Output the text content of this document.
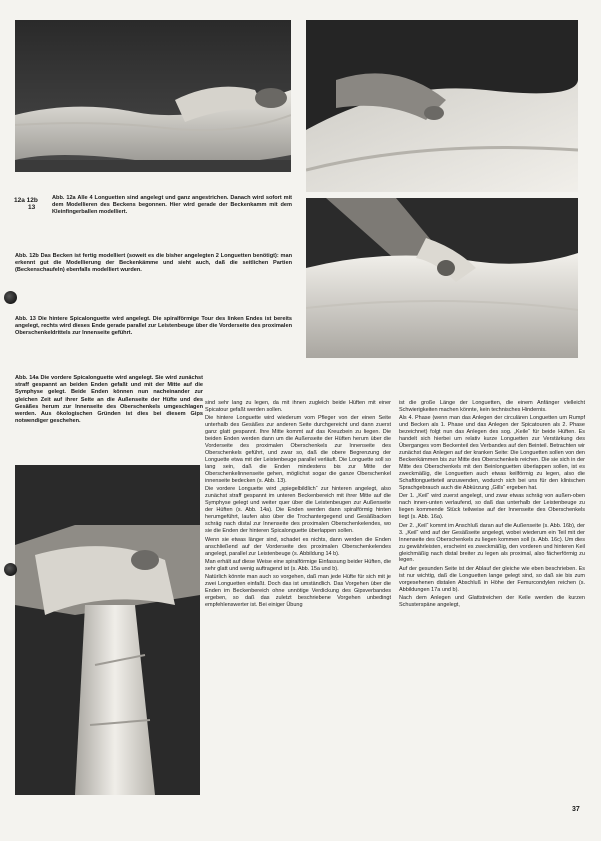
12a 12b
13
Abb. 12a Alle 4 Longuetten sind angelegt und ganz angestrichen. Danach wird sofort mit dem Modellieren des Beckens begonnen. Hier wird gerade der Beckenkamm mit dem Kleinfingerballen modelliert.
Abb. 12b Das Becken ist fertig modelliert (soweit es die bisher angelegten 2 Longuetten benötigt): man erkennt gut die Modellierung der Beckenkämme und sieht auch, daß die seitlichen Partien (Beckenschaufeln) ebenfalls modelliert wurden.
Abb. 13 Die hintere Spicalonguette wird angelegt. Die spiralförmige Tour des linken Endes ist bereits angelegt, rechts wird dieses Ende gerade parallel zur Leistenbeuge über die Vorderseite des proximalen Oberschenkeldrittels zur Innenseite geführt.
Abb. 14a Die vordere Spicalonguette wird angelegt. Sie wird zunächst straff gespannt an beiden Enden gefaßt und mit der Mitte auf die Symphyse gelegt. Beide Enden können nun nacheinander zur gleichen Zeit auf ihrer Seite an die Außenseite der Hüfte und des Gesäßes herum zur Innenseite des Oberschenkels umgeschlagen werden. Aus ökologischen Gründen ist dies bei diesem Gips notwendiger geschehen.

sind sehr lang zu legen, da mit ihnen zugleich beide Hüften mit einer Spicatour gefaßt werden sollen.

Die hintere Longuette wird wiederum vom Pfleger von der einen Seite unterhalb des Gesäßes zur anderen Seite durchgereicht und dann zuerst ganz glatt gespannt. Ihre Mitte kommt auf das Kreuzbein zu liegen. Die beiden Enden werden dann um die Außenseite der Hüften herum über die Vorderseite des proximalen Oberschenkels zur Innenseite des Oberschenkels geführt, und zwar so, daß die obere Begrenzung der Longuette etwa mit der Leistenbeuge parallel verläuft. Die Longuette soll so lang sein, daß die Enden mindestens bis zur Mitte der Oberschenkelinnenseite gehen, möglichst sogar die ganze Oberschenkel innenseite bedecken (s. Abb. 13).

Die vordere Longuette wird „spiegelbildlich“ zur hinteren angelegt, also zunächst straff gespannt im unteren Beckenbereich mit ihrer Mitte auf die Symphyse gelegt und weiter quer über die Leistenbeugen zur Außenseite der Hüften (s. Abb. 14a). Die Enden werden dann spiralförmig hinten herumgeführt, laufen also über die Trochantergegend und Gesäßbacken schräg nach distal zur Innenseite des proximalen Oberschenkelendes, wo sie die Enden der hinteren Spicalonguette überlappen sollen.

Wenn sie etwas länger sind, schadet es nichts, dann werden die Enden anschließend auf der Vorderseite des proximalen Oberschenkelendes angelegt, parallel zur Leistenbeuge (s. Abbildung 14 b).

Man erhält auf diese Weise eine spiralförmige Einfassung beider Hüften, die sehr glatt und wenig auftragend ist (s. Abb. 15a und b).

Natürlich könnte man auch so vorgehen, daß man jede Hüfte für sich mit je zwei Longuetten einfaßt. Doch das ist umständlich. Das Vorgehen über die Enden im Beckenbereich ohne unnötige Verdickung des Gipsverbandes ergeben, so daß das zuletzt beschriebene Vorgehen unbedingt empfehlenswerter ist. Bei einiger Übung

ist die große Länge der Longuetten, die einem Anfänger vielleicht Schwierigkeiten machen könnte, kein technisches Hindernis.

Als 4. Phase (wenn man das Anlegen der circulären Longuetten um Rumpf und Becken als 1. Phase und das Anlegen der Spicatouren als 2. Phase bezeichnet) folgt nun das Anlegen des sog. „Keile“ für beide Hüften. Es handelt sich hierbei um relativ kurze Longuetten zur Verstärkung des Überganges vom Beckenteil des Verbandes auf den Beinteil. Betrachten wir zunächst das Anlegen auf der kranken Seite: Die Longuetten sollen von den Beckenkämmen bis zur Mitte des Oberschenkels reichen. Die sie sich in der Mitte des Oberschenkels mit den Beinlonguetten überlappen sollen, ist es zweckmäßig, die Longuetten auch etwas keilförmig zu legen, also die Schaftlonguetteteil anzuwenden, wodurch sich bei uns für den klinischen Sprachgebrauch auch die Abkürzung „Gills“ ergeben hat.

Der 1. „Keil“ wird zuerst angelegt, und zwar etwas schräg von außen-oben nach innen-unten verlaufend, so daß das unterhalb der Leistenbeuge zu liegen kommende Stück teilweise auf der Innenseite des Oberschenkels liegt (s. Abb. 16a).

Der 2. „Keil“ kommt im Anschluß daran auf die Außenseite (s. Abb. 16b), der 3. „Keil“ wird auf der Gesäßseite angelegt, wobei wiederum ein Teil mit der Innenseite des Oberschenkels zu liegen kommen soll (s. Abb. 16c). Um dies zu gewährleisten, erscheint es zweckmäßig, den vorderen und hinteren Keil gleichmäßig nach distal breiter zu legen als proximal, also fächerförmig zu legen.

Auf der gesunden Seite ist der Ablauf der gleiche wie eben beschrieben. Es ist nur wichtig, daß die Longuetten lange gelegt sind, so daß sie bis zum vorgesehenen distalen Abschluß in Höhe der Femurcondylen reichen (s. Abbildungen 17a und b).

Nach dem Anlegen und Glattstreichen der Keile werden die kurzen Schusterspäne angelegt,

37
